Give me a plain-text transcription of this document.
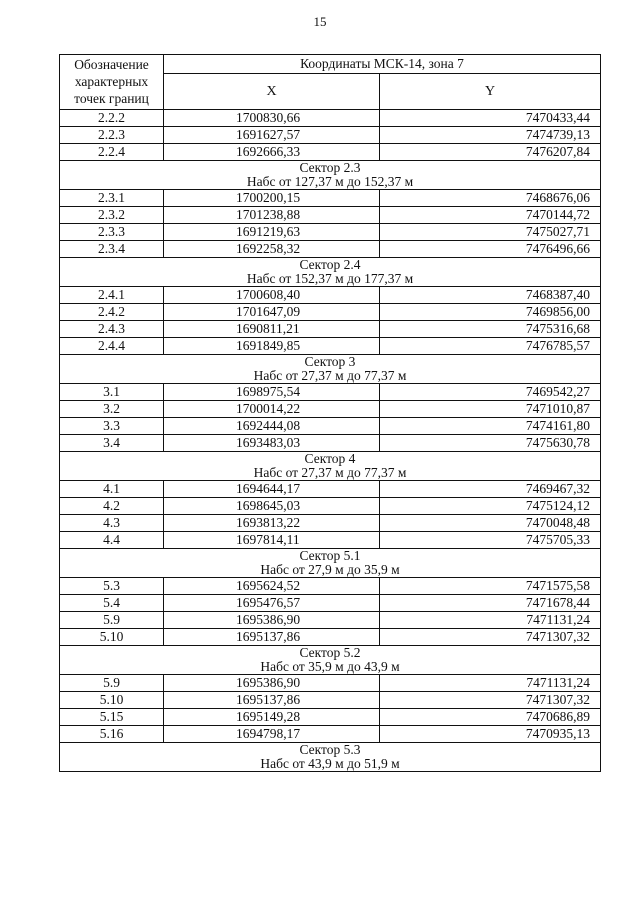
15
Обозначение характерных точек границ	Координаты МСК-14, зона 7	
	X	Y
2.2.2	1700830,66	7470433,44
2.2.3	1691627,57	7474739,13
2.2.4	1692666,33	7476207,84

Сектор 2.3
Набс от 127,37 м до 152,37 м		

2.3.1	1700200,15	7468676,06
2.3.2	1701238,88	7470144,72
2.3.3	1691219,63	7475027,71
2.3.4	1692258,32	7476496,66

Сектор 2.4
Набс от 152,37 м до 177,37 м		

2.4.1	1700608,40	7468387,40
2.4.2	1701647,09	7469856,00
2.4.3	1690811,21	7475316,68
2.4.4	1691849,85	7476785,57

Сектор 3
Набс от 27,37 м до 77,37 м		

3.1	1698975,54	7469542,27
3.2	1700014,22	7471010,87
3.3	1692444,08	7474161,80
3.4	1693483,03	7475630,78

Сектор 4
Набс от 27,37 м до 77,37 м		

4.1	1694644,17	7469467,32
4.2	1698645,03	7475124,12
4.3	1693813,22	7470048,48
4.4	1697814,11	7475705,33

Сектор 5.1
Набс от 27,9 м до 35,9 м		

5.3	1695624,52	7471575,58
5.4	1695476,57	7471678,44
5.9	1695386,90	7471131,24
5.10	1695137,86	7471307,32

Сектор 5.2
Набс от 35,9 м до 43,9 м		

5.9	1695386,90	7471131,24
5.10	1695137,86	7471307,32
5.15	1695149,28	7470686,89
5.16	1694798,17	7470935,13

Сектор 5.3
Набс от 43,9 м до 51,9 м		
